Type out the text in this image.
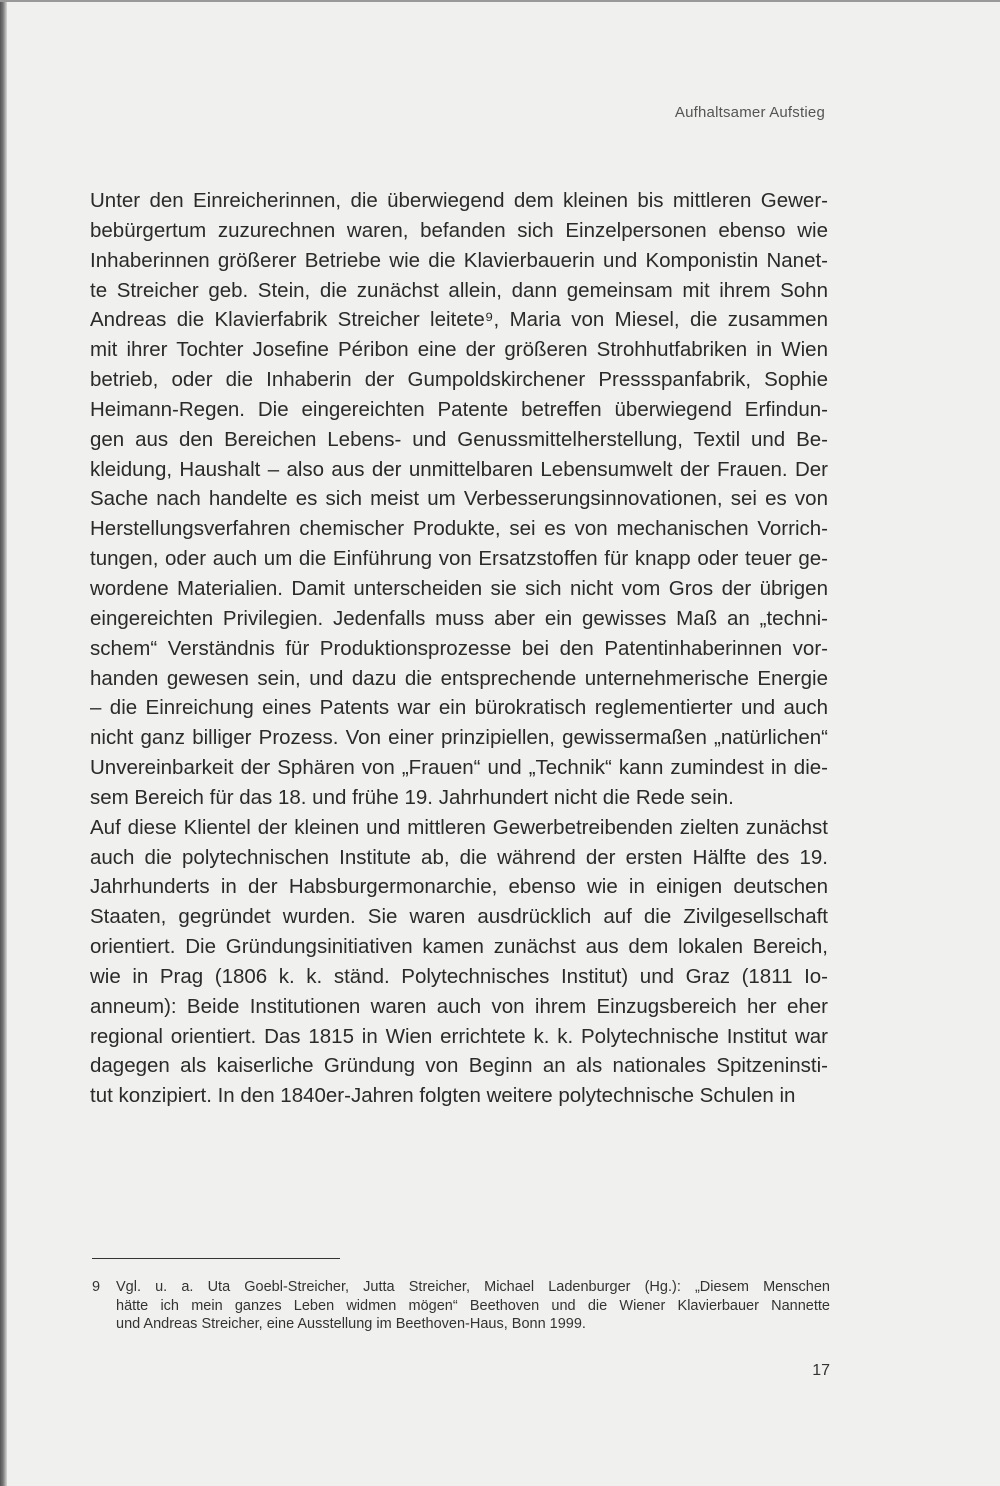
Aufhaltsamer Aufstieg
Unter den Einreicherinnen, die überwiegend dem kleinen bis mittleren Gewer-
bebürgertum zuzurechnen waren, befanden sich Einzelpersonen ebenso wie
Inhaberinnen größerer Betriebe wie die Klavierbauerin und Komponistin Nanet-
te Streicher geb. Stein, die zunächst allein, dann gemeinsam mit ihrem Sohn
Andreas die Klavierfabrik Streicher leitete⁹, Maria von Miesel, die zusammen
mit ihrer Tochter Josefine Péribon eine der größeren Strohhutfabriken in Wien
betrieb, oder die Inhaberin der Gumpoldskirchener Pressspanfabrik, Sophie
Heimann-Regen. Die eingereichten Patente betreffen überwiegend Erfindun-
gen aus den Bereichen Lebens- und Genussmittelherstellung, Textil und Be-
kleidung, Haushalt – also aus der unmittelbaren Lebensumwelt der Frauen. Der
Sache nach handelte es sich meist um Verbesserungsinnovationen, sei es von
Herstellungsverfahren chemischer Produkte, sei es von mechanischen Vorrich-
tungen, oder auch um die Einführung von Ersatzstoffen für knapp oder teuer ge-
wordene Materialien. Damit unterscheiden sie sich nicht vom Gros der übrigen
eingereichten Privilegien. Jedenfalls muss aber ein gewisses Maß an „techni-
schem“ Verständnis für Produktionsprozesse bei den Patentinhaberinnen vor-
handen gewesen sein, und dazu die entsprechende unternehmerische Energie
– die Einreichung eines Patents war ein bürokratisch reglementierter und auch
nicht ganz billiger Prozess. Von einer prinzipiellen, gewissermaßen „natürlichen“
Unvereinbarkeit der Sphären von „Frauen“ und „Technik“ kann zumindest in die-
sem Bereich für das 18. und frühe 19. Jahrhundert nicht die Rede sein.
Auf diese Klientel der kleinen und mittleren Gewerbetreibenden zielten zunächst
auch die polytechnischen Institute ab, die während der ersten Hälfte des 19.
Jahrhunderts in der Habsburgermonarchie, ebenso wie in einigen deutschen
Staaten, gegründet wurden. Sie waren ausdrücklich auf die Zivilgesellschaft
orientiert. Die Gründungsinitiativen kamen zunächst aus dem lokalen Bereich,
wie in Prag (1806 k. k. ständ. Polytechnisches Institut) und Graz (1811 Io-
anneum): Beide Institutionen waren auch von ihrem Einzugsbereich her eher
regional orientiert. Das 1815 in Wien errichtete k. k. Polytechnische Institut war
dagegen als kaiserliche Gründung von Beginn an als nationales Spitzeninsti-
tut konzipiert. In den 1840er-Jahren folgten weitere polytechnische Schulen in
9 Vgl. u. a. Uta Goebl-Streicher, Jutta Streicher, Michael Ladenburger (Hg.): „Diesem Menschen
hätte ich mein ganzes Leben widmen mögen“ Beethoven und die Wiener Klavierbauer Nannette
und Andreas Streicher, eine Ausstellung im Beethoven-Haus, Bonn 1999.
17
